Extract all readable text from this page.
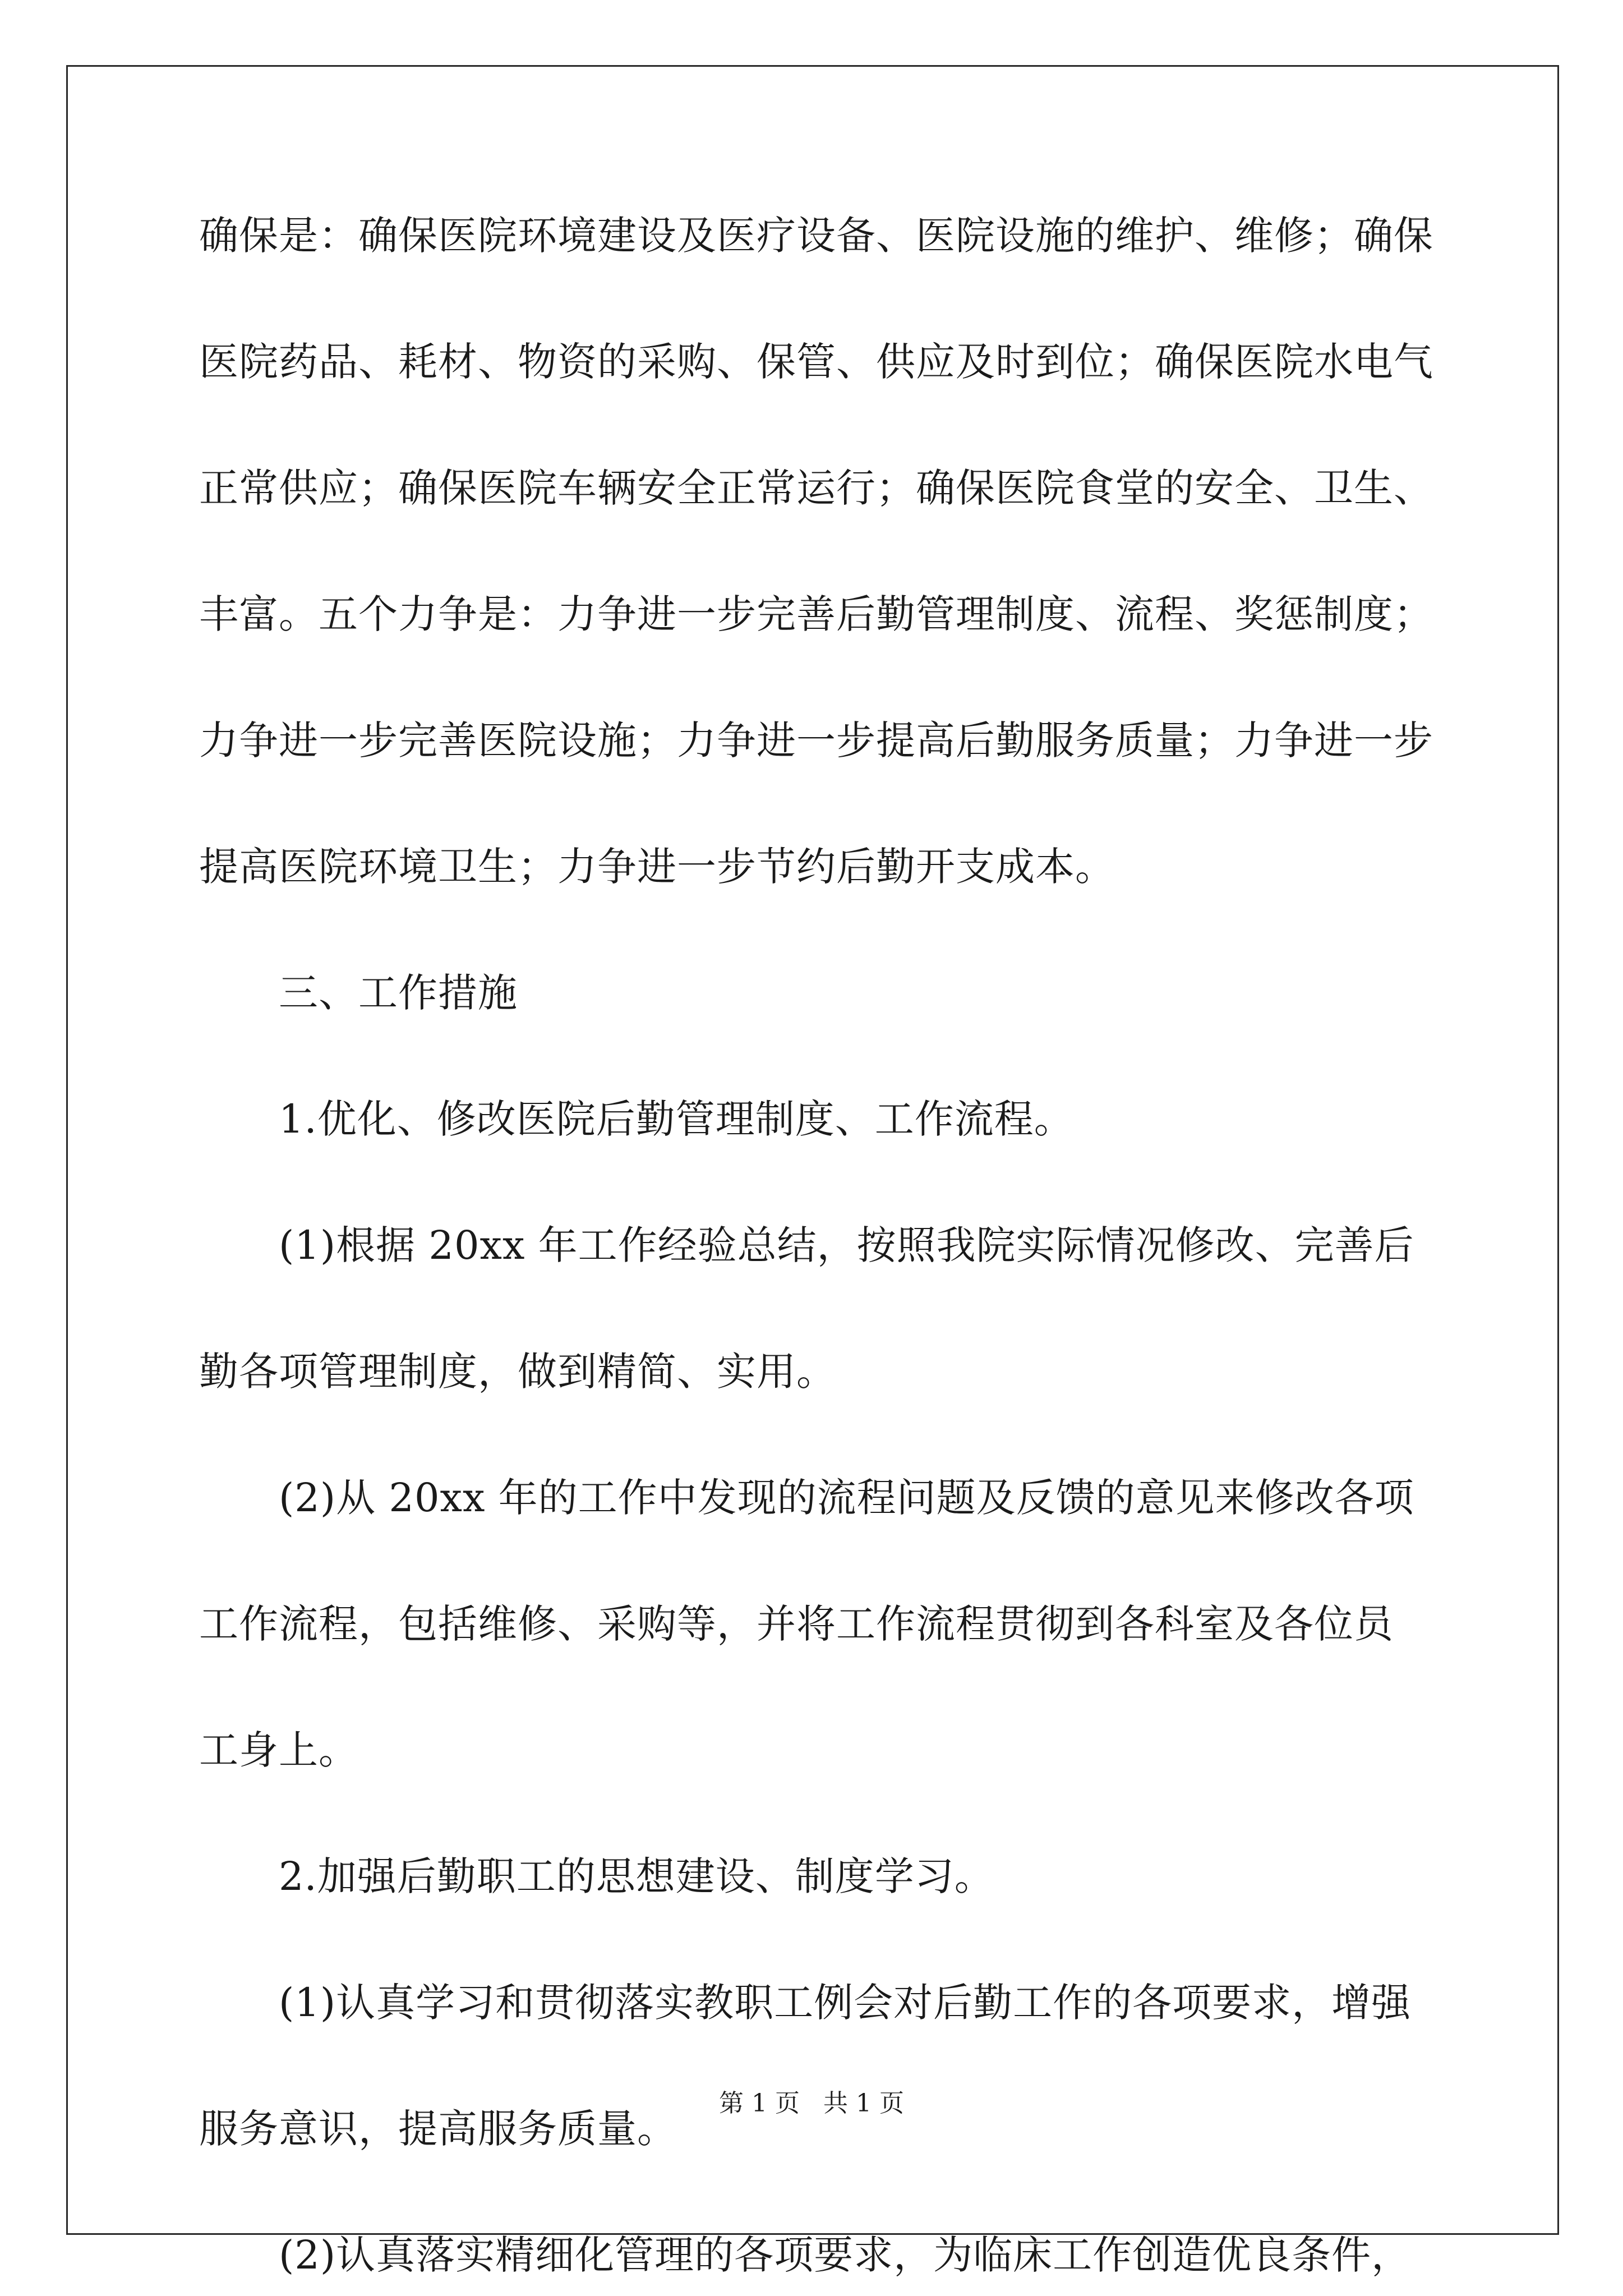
确保是：确保医院环境建设及医疗设备、医院设施的维护、维修；确保
医院药品、耗材、物资的采购、保管、供应及时到位；确保医院水电气
正常供应；确保医院车辆安全正常运行；确保医院食堂的安全、卫生、
丰富。五个力争是：力争进一步完善后勤管理制度、流程、奖惩制度；
力争进一步完善医院设施；力争进一步提高后勤服务质量；力争进一步
提高医院环境卫生；力争进一步节约后勤开支成本。
三、工作措施
1.优化、修改医院后勤管理制度、工作流程。
(1)根据 20xx 年工作经验总结，按照我院实际情况修改、完善后
勤各项管理制度，做到精简、实用。
(2)从 20xx 年的工作中发现的流程问题及反馈的意见来修改各项
工作流程，包括维修、采购等，并将工作流程贯彻到各科室及各位员
工身上。
2.加强后勤职工的思想建设、制度学习。
(1)认真学习和贯彻落实教职工例会对后勤工作的各项要求，增强
服务意识，提高服务质量。
(2)认真落实精细化管理的各项要求，为临床工作创造优良条件，
第 1 页   共 1 页
